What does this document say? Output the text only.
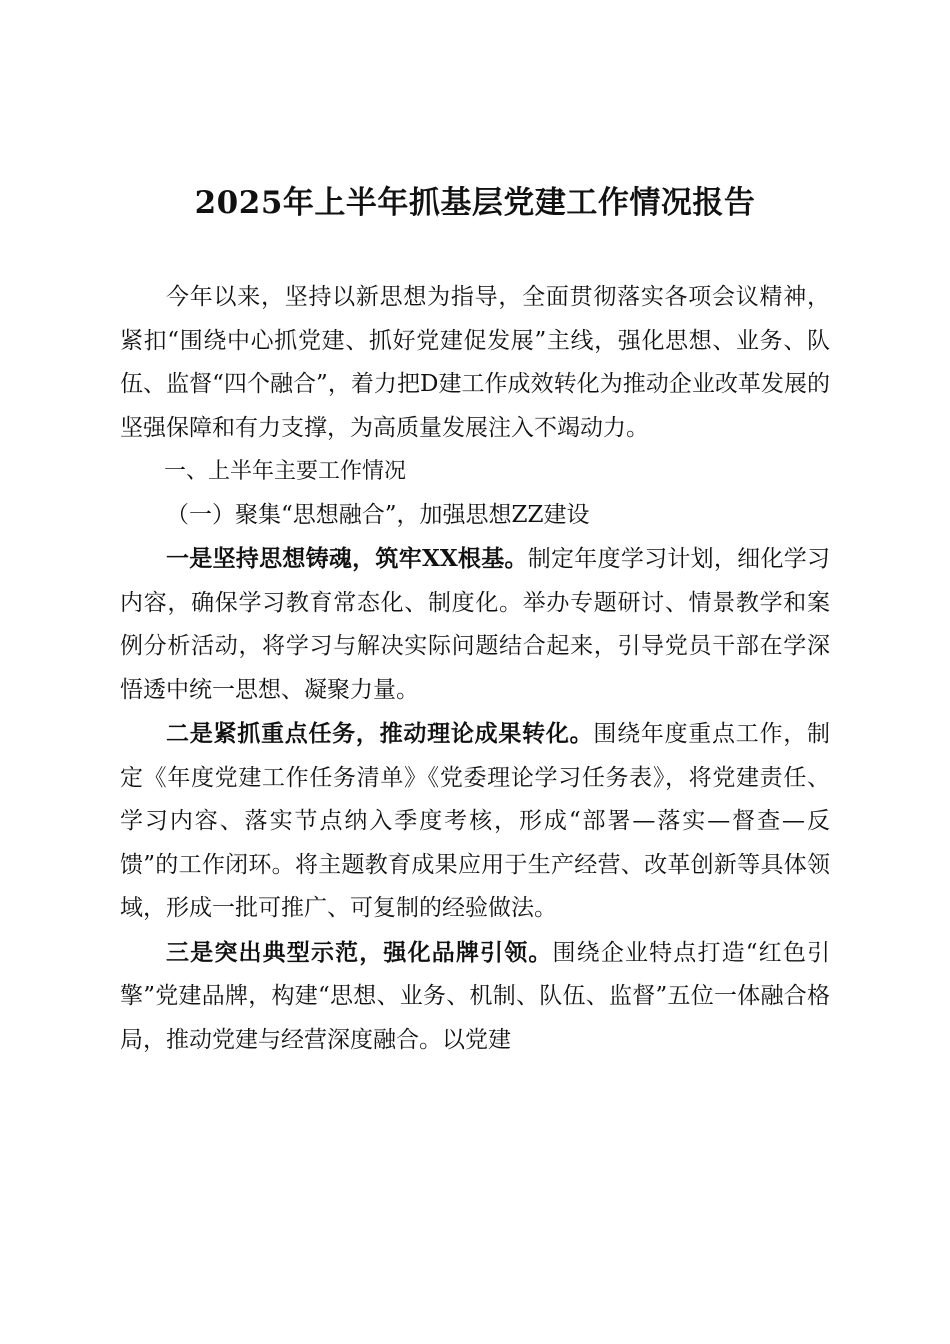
2025年上半年抓基层党建工作情况报告

今年以来，坚持以新思想为指导，全面贯彻落实各项会议精神，紧扣“围绕中心抓党建、抓好党建促发展”主线，强化思想、业务、队伍、监督“四个融合”，着力把D建工作成效转化为推动企业改革发展的坚强保障和有力支撑，为高质量发展注入不竭动力。

一、上半年主要工作情况

（一）聚集“思想融合”，加强思想ZZ建设

一是坚持思想铸魂，筑牢XX根基。制定年度学习计划，细化学习内容，确保学习教育常态化、制度化。举办专题研讨、情景教学和案例分析活动，将学习与解决实际问题结合起来，引导党员干部在学深悟透中统一思想、凝聚力量。

二是紧抓重点任务，推动理论成果转化。围绕年度重点工作，制定《年度党建工作任务清单》《党委理论学习任务表》，将党建责任、学习内容、落实节点纳入季度考核，形成“部署—落实—督查—反馈”的工作闭环。将主题教育成果应用于生产经营、改革创新等具体领域，形成一批可推广、可复制的经验做法。

三是突出典型示范，强化品牌引领。围绕企业特点打造“红色引擎”党建品牌，构建“思想、业务、机制、队伍、监督”五位一体融合格局，推动党建与经营深度融合。以党建
